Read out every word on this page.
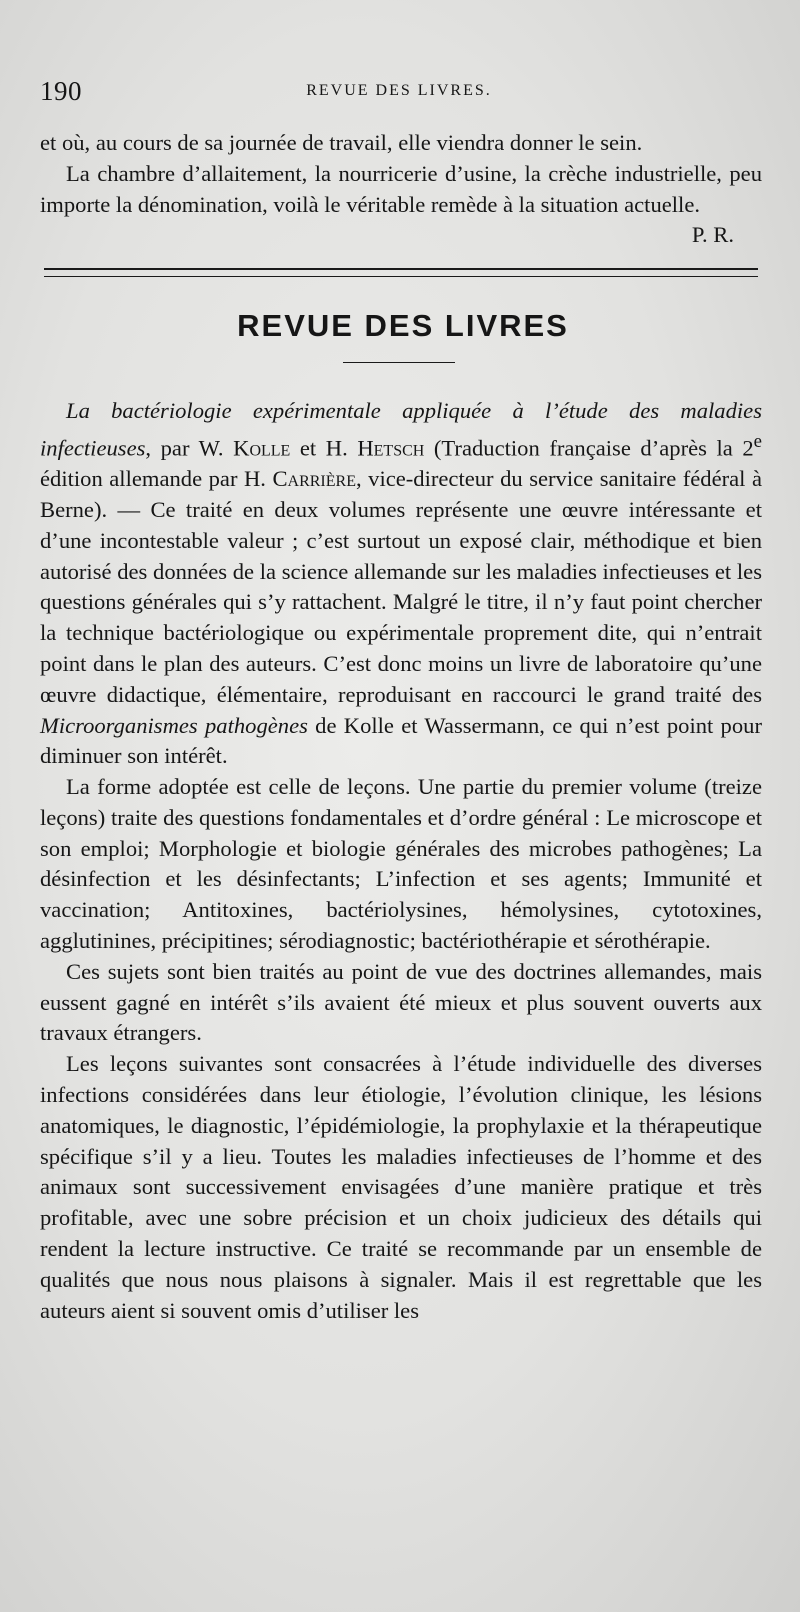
190	REVUE DES LIVRES.

et où, au cours de sa journée de travail, elle viendra donner le sein.

La chambre d’allaitement, la nourricerie d’usine, la crèche industrielle, peu importe la dénomination, voilà le véritable remède à la situation actuelle.
P. R.

REVUE DES LIVRES

La bactériologie expérimentale appliquée à l’étude des maladies infectieuses, par W. Kolle et H. Hetsch (Traduction française d’après la 2e édition allemande par H. Carrière, vice-directeur du service sanitaire fédéral à Berne). — Ce traité en deux volumes représente une œuvre intéressante et d’une incontestable valeur ; c’est surtout un exposé clair, méthodique et bien autorisé des données de la science allemande sur les maladies infectieuses et les questions générales qui s’y rattachent. Malgré le titre, il n’y faut point chercher la technique bactériologique ou expérimentale proprement dite, qui n’entrait point dans le plan des auteurs. C’est donc moins un livre de laboratoire qu’une œuvre didactique, élémentaire, reproduisant en raccourci le grand traité des Microorganismes pathogènes de Kolle et Wassermann, ce qui n’est point pour diminuer son intérêt.

La forme adoptée est celle de leçons. Une partie du premier volume (treize leçons) traite des questions fondamentales et d’ordre général : Le microscope et son emploi; Morphologie et biologie générales des microbes pathogènes; La désinfection et les désinfectants; L’infection et ses agents; Immunité et vaccination; Antitoxines, bactériolysines, hémolysines, cytotoxines, agglutinines, précipitines; sérodiagnostic; bactériothérapie et sérothérapie.

Ces sujets sont bien traités au point de vue des doctrines allemandes, mais eussent gagné en intérêt s’ils avaient été mieux et plus souvent ouverts aux travaux étrangers.

Les leçons suivantes sont consacrées à l’étude individuelle des diverses infections considérées dans leur étiologie, l’évolution clinique, les lésions anatomiques, le diagnostic, l’épidémiologie, la prophylaxie et la thérapeutique spécifique s’il y a lieu. Toutes les maladies infectieuses de l’homme et des animaux sont successivement envisagées d’une manière pratique et très profitable, avec une sobre précision et un choix judicieux des détails qui rendent la lecture instructive. Ce traité se recommande par un ensemble de qualités que nous nous plaisons à signaler. Mais il est regrettable que les auteurs aient si souvent omis d’utiliser les
